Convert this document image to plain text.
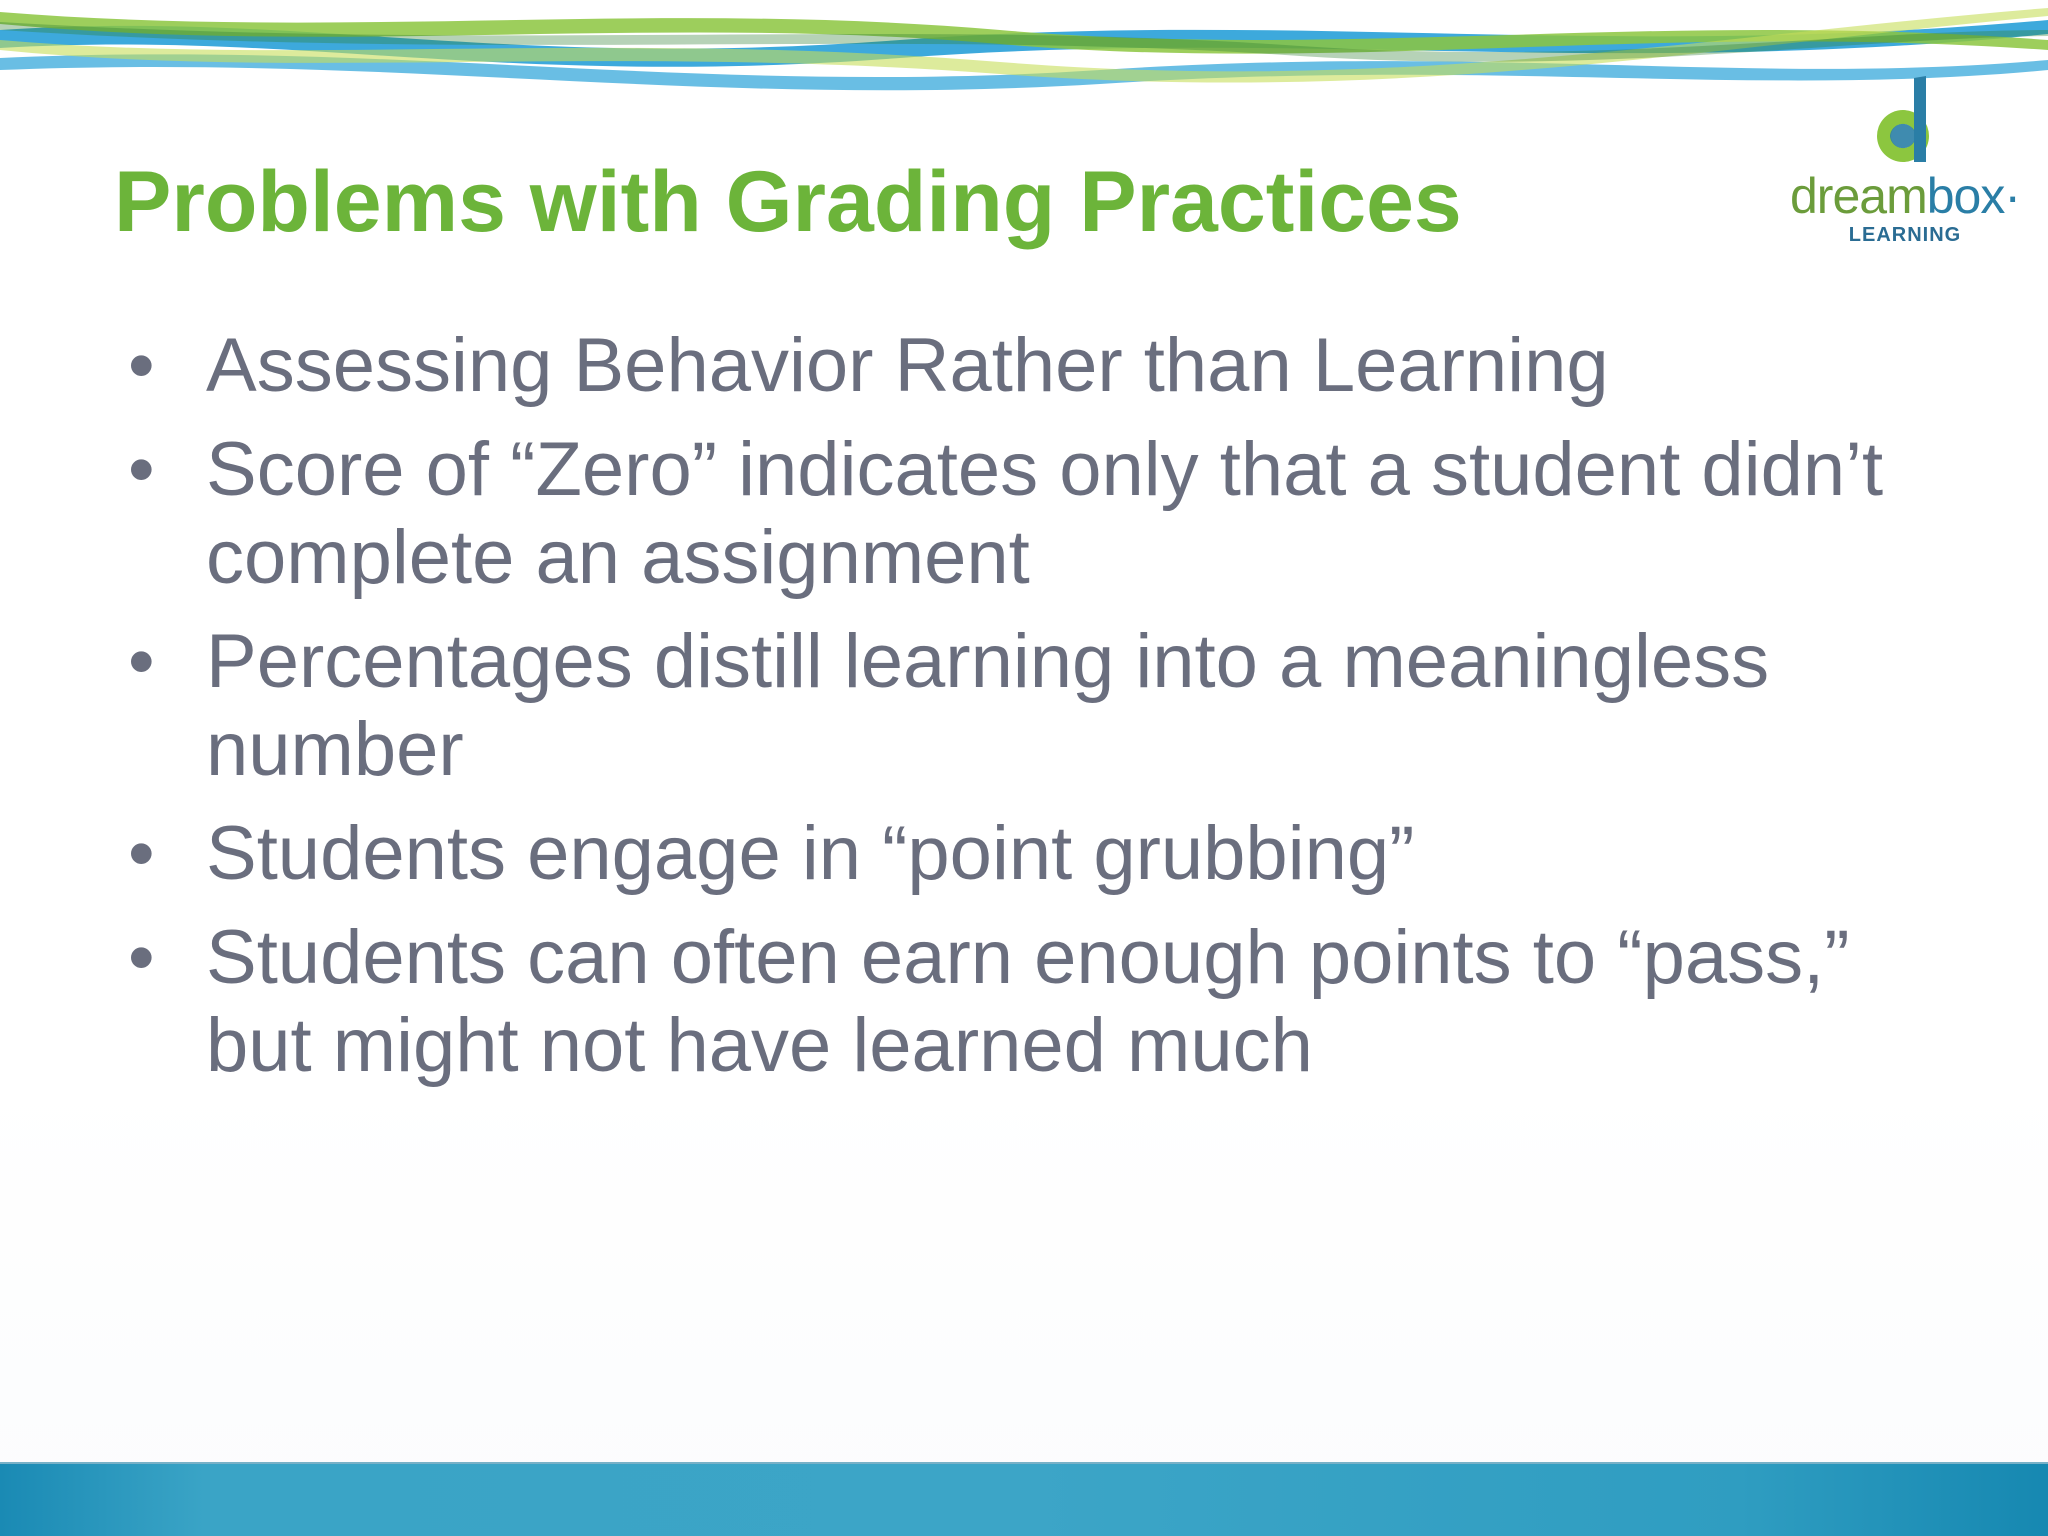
Problems with Grading Practices	dreambox·
LEARNING
• Assessing Behavior Rather than Learning
• Score of “Zero” indicates only that a student didn’t complete an assignment
• Percentages distill learning into a meaningless number
• Students engage in “point grubbing”
• Students can often earn enough points to “pass,” but might not have learned much
